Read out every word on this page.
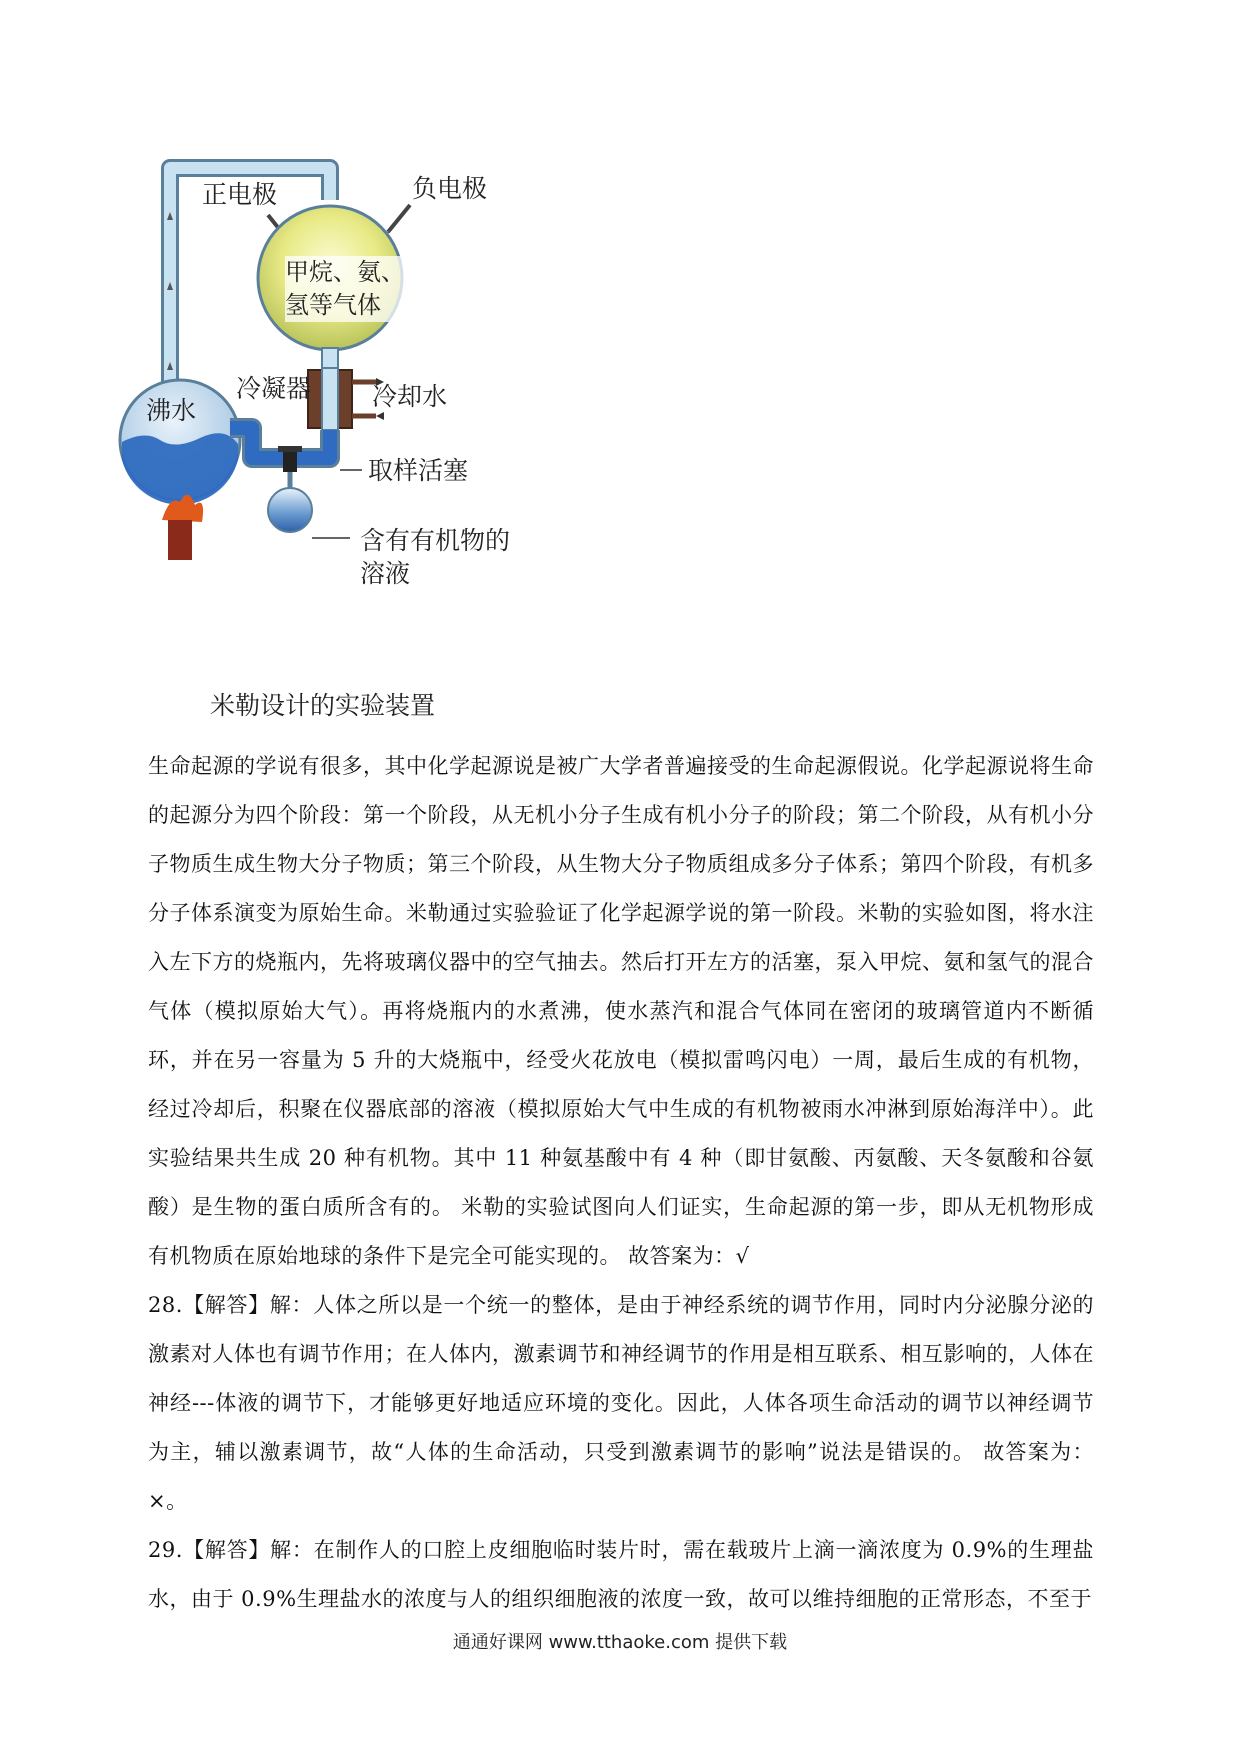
正电极	负电极
甲烷、氨、氢等气体
冷凝器 冷却水
沸水
取样活塞
含有有机物的溶液
米勒设计的实验装置

生命起源的学说有很多，其中化学起源说是被广大学者普遍接受的生命起源假说。化学起源说将生命的起源分为四个阶段：第一个阶段，从无机小分子生成有机小分子的阶段；第二个阶段，从有机小分子物质生成生物大分子物质；第三个阶段，从生物大分子物质组成多分子体系；第四个阶段，有机多分子体系演变为原始生命。米勒通过实验验证了化学起源学说的第一阶段。米勒的实验如图，将水注入左下方的烧瓶内，先将玻璃仪器中的空气抽去。然后打开左方的活塞，泵入甲烷、氨和氢气的混合气体（模拟原始大气）。再将烧瓶内的水煮沸，使水蒸汽和混合气体同在密闭的玻璃管道内不断循环，并在另一容量为 5 升的大烧瓶中，经受火花放电（模拟雷鸣闪电）一周，最后生成的有机物，经过冷却后，积聚在仪器底部的溶液（模拟原始大气中生成的有机物被雨水冲淋到原始海洋中）。此实验结果共生成 20 种有机物。其中 11 种氨基酸中有 4 种（即甘氨酸、丙氨酸、天冬氨酸和谷氨酸）是生物的蛋白质所含有的。 米勒的实验试图向人们证实，生命起源的第一步，即从无机物形成有机物质在原始地球的条件下是完全可能实现的。 故答案为：√

28.【解答】解：人体之所以是一个统一的整体，是由于神经系统的调节作用，同时内分泌腺分泌的激素对人体也有调节作用；在人体内，激素调节和神经调节的作用是相互联系、相互影响的，人体在神经---体液的调节下，才能够更好地适应环境的变化。因此，人体各项生命活动的调节以神经调节为主，辅以激素调节，故“人体的生命活动，只受到激素调节的影响”说法是错误的。 故答案为：×。

29.【解答】解：在制作人的口腔上皮细胞临时装片时，需在载玻片上滴一滴浓度为 0.9%的生理盐水，由于 0.9%生理盐水的浓度与人的组织细胞液的浓度一致，故可以维持细胞的正常形态，不至于

通通好课网 www.tthaoke.com 提供下载
